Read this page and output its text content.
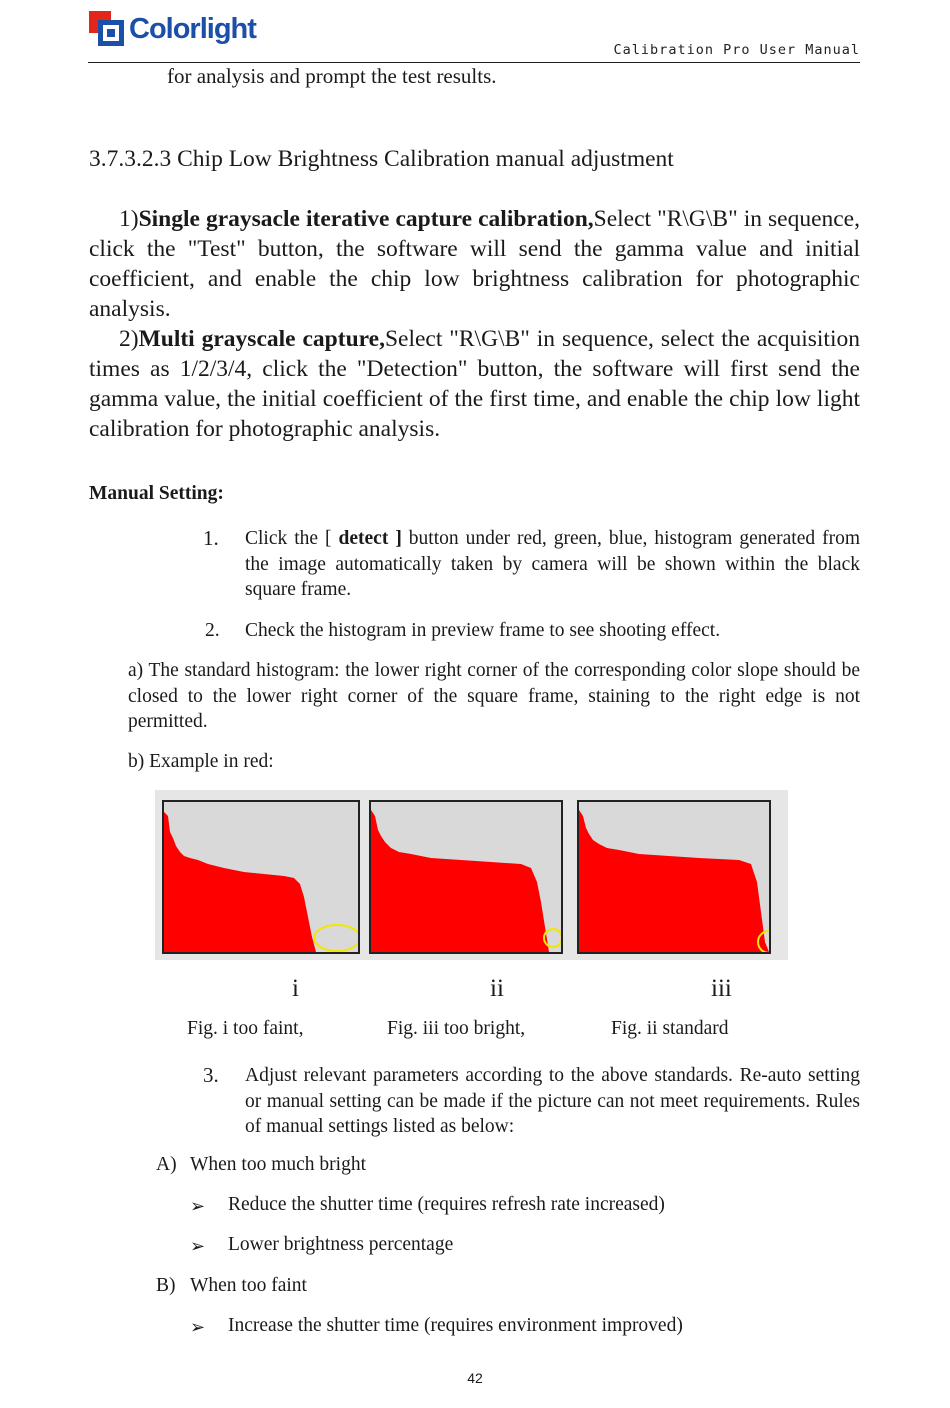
Colorlight
Calibration Pro User Manual
for analysis and prompt the test results.
3.7.3.2.3 Chip Low Brightness Calibration manual adjustment
1)Single graysacle iterative capture calibration,Select "R\G\B" in sequence, click the "Test" button, the software will send the gamma value and initial coefficient, and enable the chip low brightness calibration for photographic analysis.
2)Multi grayscale capture,Select "R\G\B" in sequence, select the acquisition times as 1/2/3/4, click the "Detection" button, the software will first send the gamma value, the initial coefficient of the first time, and enable the chip low light calibration for photographic analysis.
Manual Setting:
1. Click the [ detect ] button under red, green, blue, histogram generated from the image automatically taken by camera will be shown within the black square frame.
2. Check the histogram in preview frame to see shooting effect.
a) The standard histogram: the lower right corner of the corresponding color slope should be closed to the lower right corner of the square frame, staining to the right edge is not permitted.
b) Example in red:
i	ii	iii
Fig. i too faint,	Fig. iii too bright,	Fig. ii standard
3. Adjust relevant parameters according to the above standards. Re-auto setting or manual setting can be made if the picture can not meet requirements. Rules of manual settings listed as below:
A) When too much bright
➢ Reduce the shutter time (requires refresh rate increased)
➢ Lower brightness percentage
B) When too faint
➢ Increase the shutter time (requires environment improved)
42
